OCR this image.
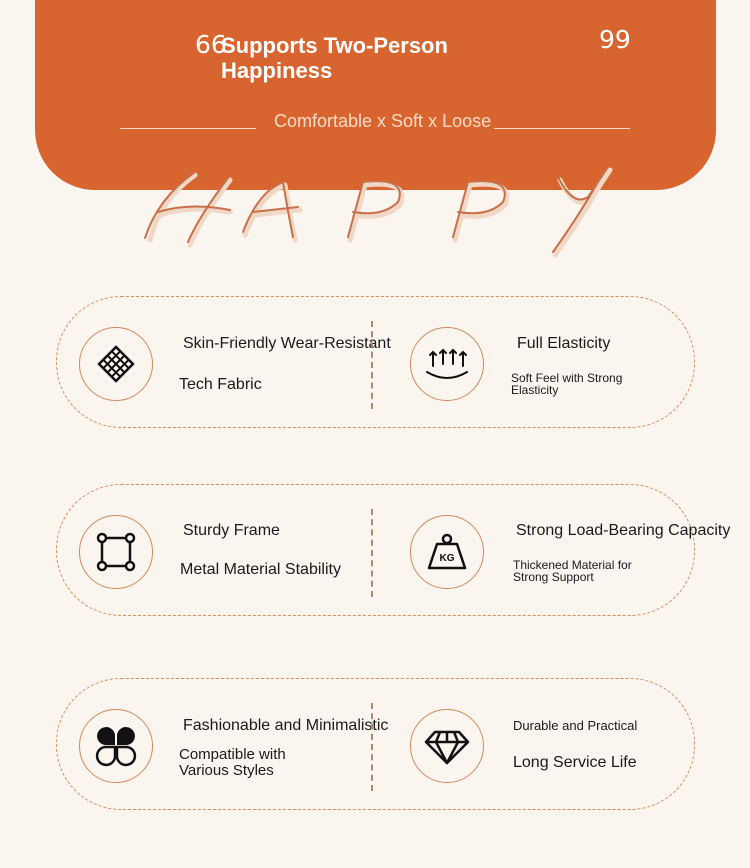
66	99
Supports Two-Person Happiness
Comfortable x Soft x Loose
Skin-Friendly Wear-Resistant
Tech Fabric
Full Elasticity
Soft Feel with Strong Elasticity
Sturdy Frame
Metal Material Stability
KG
Strong Load-Bearing Capacity
Thickened Material for Strong Support
Fashionable and Minimalistic
Compatible with Various Styles
Durable and Practical
Long Service Life
